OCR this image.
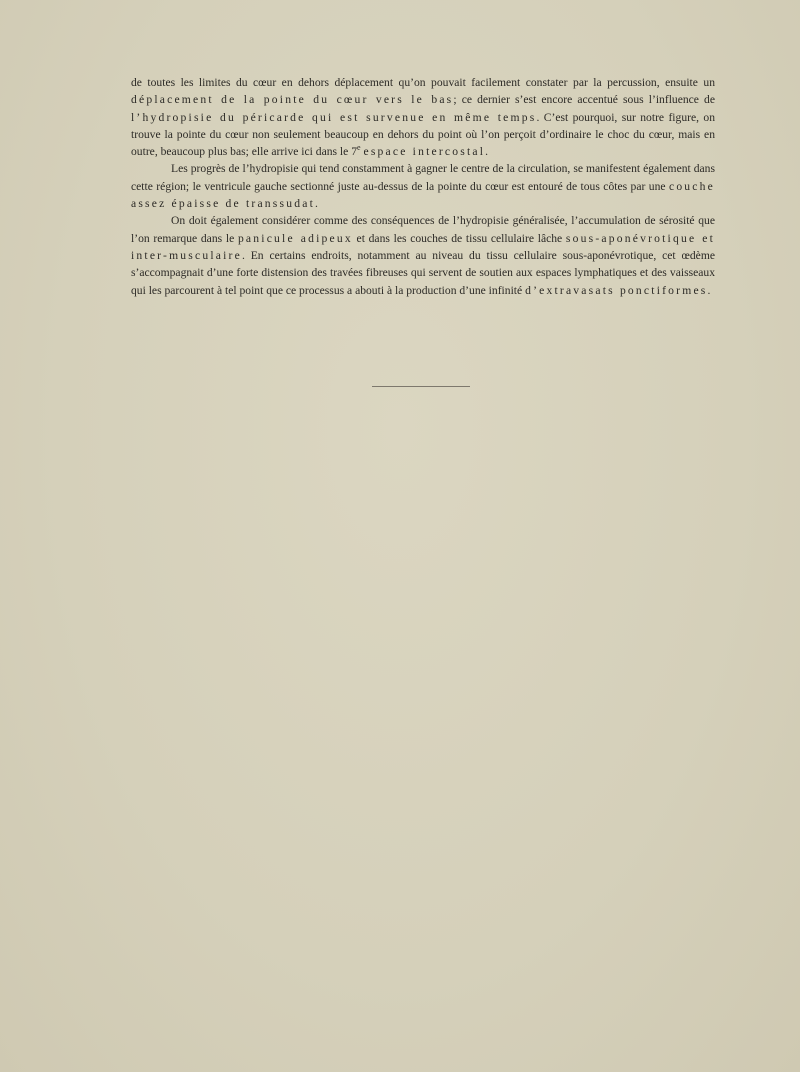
de toutes les limites du cœur en dehors déplacement qu’on pouvait facilement constater par la percussion, ensuite un déplacement de la pointe du cœur vers le bas; ce dernier s’est encore accentué sous l’influence de l’hydropisie du péricarde qui est survenue en même temps. C’est pourquoi, sur notre figure, on trouve la pointe du cœur non seulement beaucoup en dehors du point où l’on perçoit d’ordinaire le choc du cœur, mais en outre, beaucoup plus bas; elle arrive ici dans le 7e espace intercostal.

Les progrès de l’hydropisie qui tend constamment à gagner le centre de la circulation, se manifestent également dans cette région; le ventricule gauche sectionné juste au-dessus de la pointe du cœur est entouré de tous côtes par une couche assez épaisse de transsudat.

On doit également considérer comme des conséquences de l’hydropisie généralisée, l’accumulation de sérosité que l’on remarque dans le panicule adipeux et dans les couches de tissu cellulaire lâche sous-aponévrotique et inter-musculaire. En certains endroits, notamment au niveau du tissu cellulaire sous-aponévrotique, cet œdème s’accompagnait d’une forte distension des travées fibreuses qui servent de soutien aux espaces lymphatiques et des vaisseaux qui les parcourent à tel point que ce processus a abouti à la production d’une infinité d’extravasats ponctiformes.
